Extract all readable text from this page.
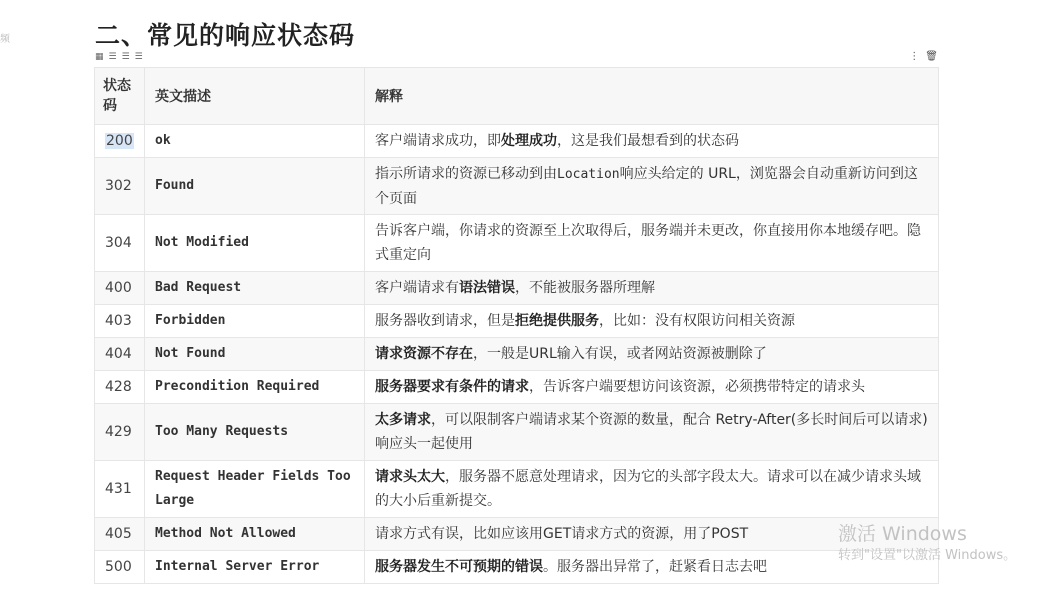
频	二、常见的响应状态码
▦ ☰ ☰ ☰	⋮ 🗑
状态码	英文描述	解释
200	ok	客户端请求成功，即处理成功，这是我们最想看到的状态码
302	Found	指示所请求的资源已移动到由Location响应头给定的 URL，浏览器会自动重新访问到这个页面
304	Not Modified	告诉客户端，你请求的资源至上次取得后，服务端并未更改，你直接用你本地缓存吧。隐式重定向
400	Bad Request	客户端请求有语法错误，不能被服务器所理解
403	Forbidden	服务器收到请求，但是拒绝提供服务，比如：没有权限访问相关资源
404	Not Found	请求资源不存在，一般是URL输入有误，或者网站资源被删除了
428	Precondition Required	服务器要求有条件的请求，告诉客户端要想访问该资源，必须携带特定的请求头
429	Too Many Requests	太多请求，可以限制客户端请求某个资源的数量，配合 Retry-After(多长时间后可以请求)响应头一起使用
431	Request Header Fields Too Large	请求头太大，服务器不愿意处理请求，因为它的头部字段太大。请求可以在减少请求头域的大小后重新提交。
405	Method Not Allowed	请求方式有误，比如应该用GET请求方式的资源，用了POST
500	Internal Server Error	服务器发生不可预期的错误。服务器出异常了，赶紧看日志去吧
激活 Windows
转到"设置"以激活 Windows。
